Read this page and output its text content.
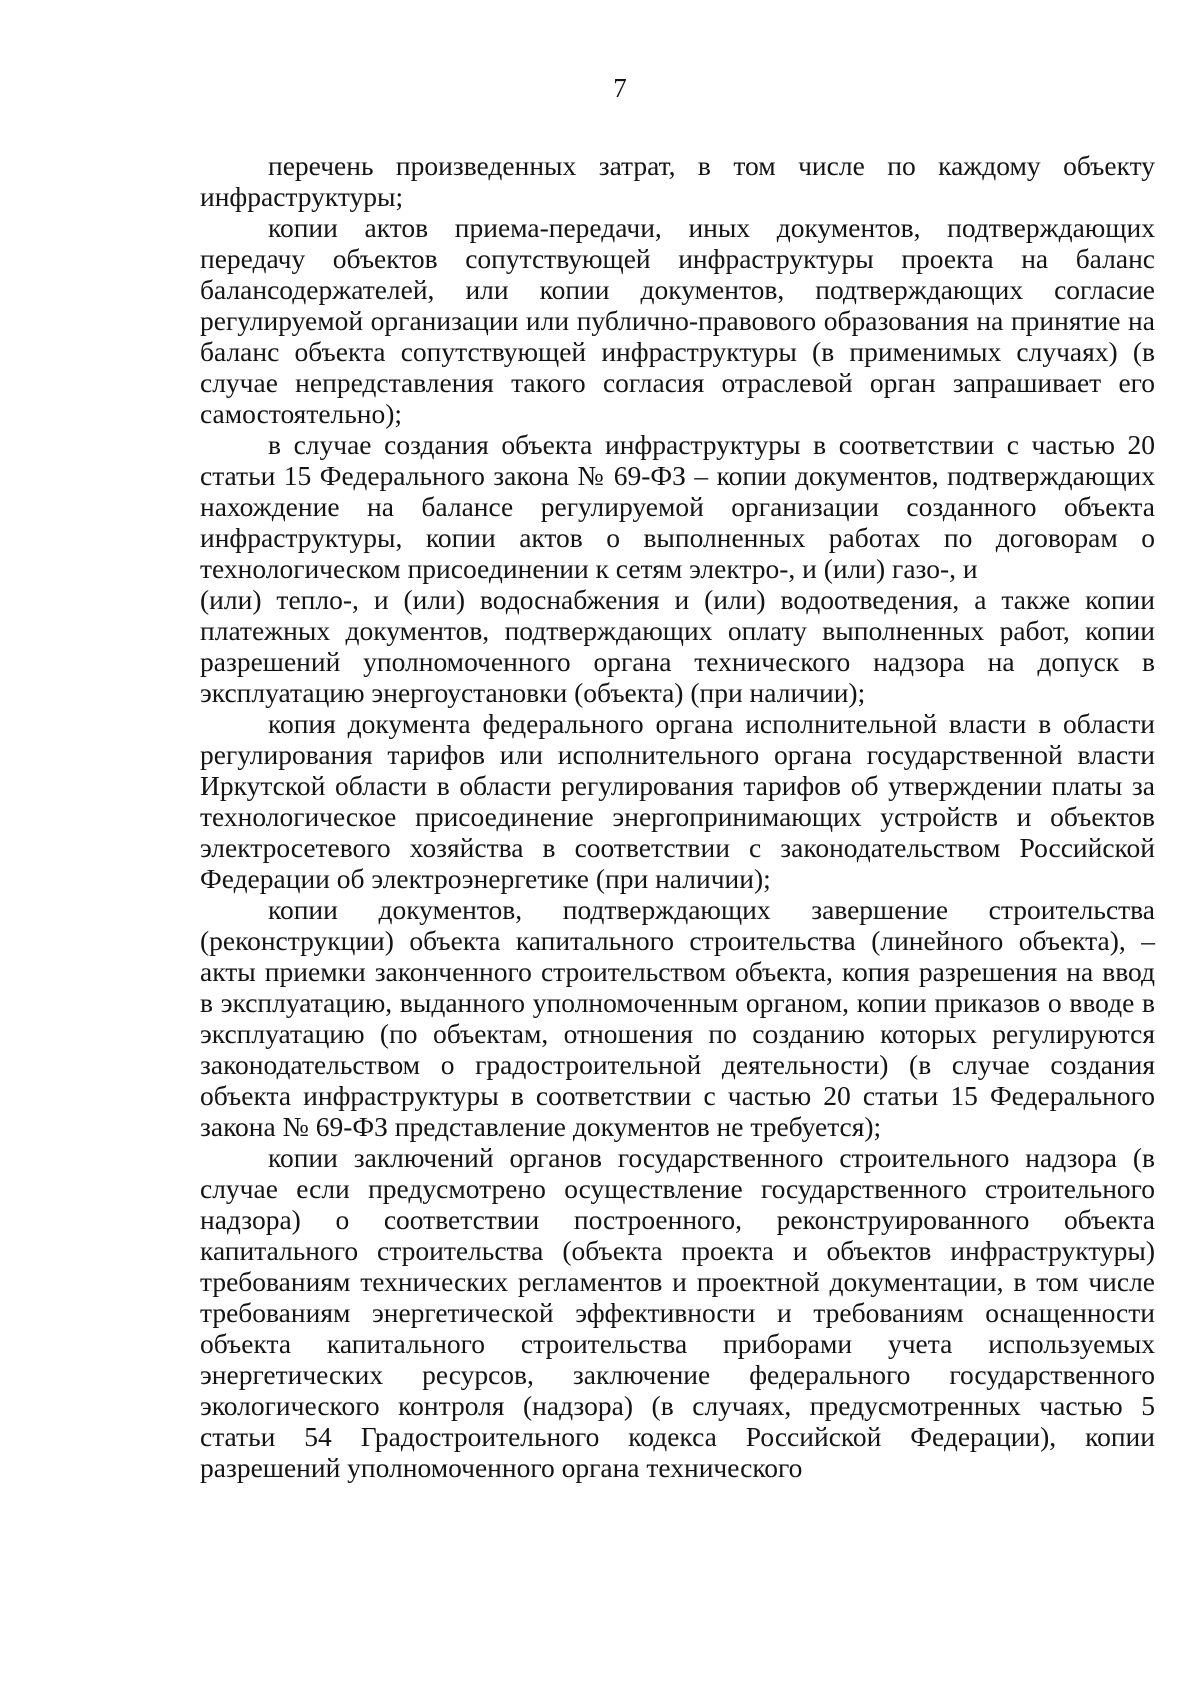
7

перечень произведенных затрат, в том числе по каждому объекту инфраструктуры;

копии актов приема-передачи, иных документов, подтверждающих передачу объектов сопутствующей инфраструктуры проекта на баланс балансодержателей, или копии документов, подтверждающих согласие регулируемой организации или публично-правового образования на принятие на баланс объекта сопутствующей инфраструктуры (в применимых случаях) (в случае непредставления такого согласия отраслевой орган запрашивает его самостоятельно);

в случае создания объекта инфраструктуры в соответствии с частью 20 статьи 15 Федерального закона № 69-ФЗ – копии документов, подтверждающих нахождение на балансе регулируемой организации созданного объекта инфраструктуры, копии актов о выполненных работах по договорам о технологическом присоединении к сетям электро-, и (или) газо-, и

(или) тепло-, и (или) водоснабжения и (или) водоотведения, а также копии платежных документов, подтверждающих оплату выполненных работ, копии разрешений уполномоченного органа технического надзора на допуск в эксплуатацию энергоустановки (объекта) (при наличии);

копия документа федерального органа исполнительной власти в области регулирования тарифов или исполнительного органа государственной власти Иркутской области в области регулирования тарифов об утверждении платы за технологическое присоединение энергопринимающих устройств и объектов электросетевого хозяйства в соответствии с законодательством Российской Федерации об электроэнергетике (при наличии);

копии документов, подтверждающих завершение строительства (реконструкции) объекта капитального строительства (линейного объекта), – акты приемки законченного строительством объекта, копия разрешения на ввод в эксплуатацию, выданного уполномоченным органом, копии приказов о вводе в эксплуатацию (по объектам, отношения по созданию которых регулируются законодательством о градостроительной деятельности) (в случае создания объекта инфраструктуры в соответствии с частью 20 статьи 15 Федерального закона № 69-ФЗ представление документов не требуется);

копии заключений органов государственного строительного надзора (в случае если предусмотрено осуществление государственного строительного надзора) о соответствии построенного, реконструированного объекта капитального строительства (объекта проекта и объектов инфраструктуры) требованиям технических регламентов и проектной документации, в том числе требованиям энергетической эффективности и требованиям оснащенности объекта капитального строительства приборами учета используемых энергетических ресурсов, заключение федерального государственного экологического контроля (надзора) (в случаях, предусмотренных частью 5 статьи 54 Градостроительного кодекса Российской Федерации), копии разрешений уполномоченного органа технического
